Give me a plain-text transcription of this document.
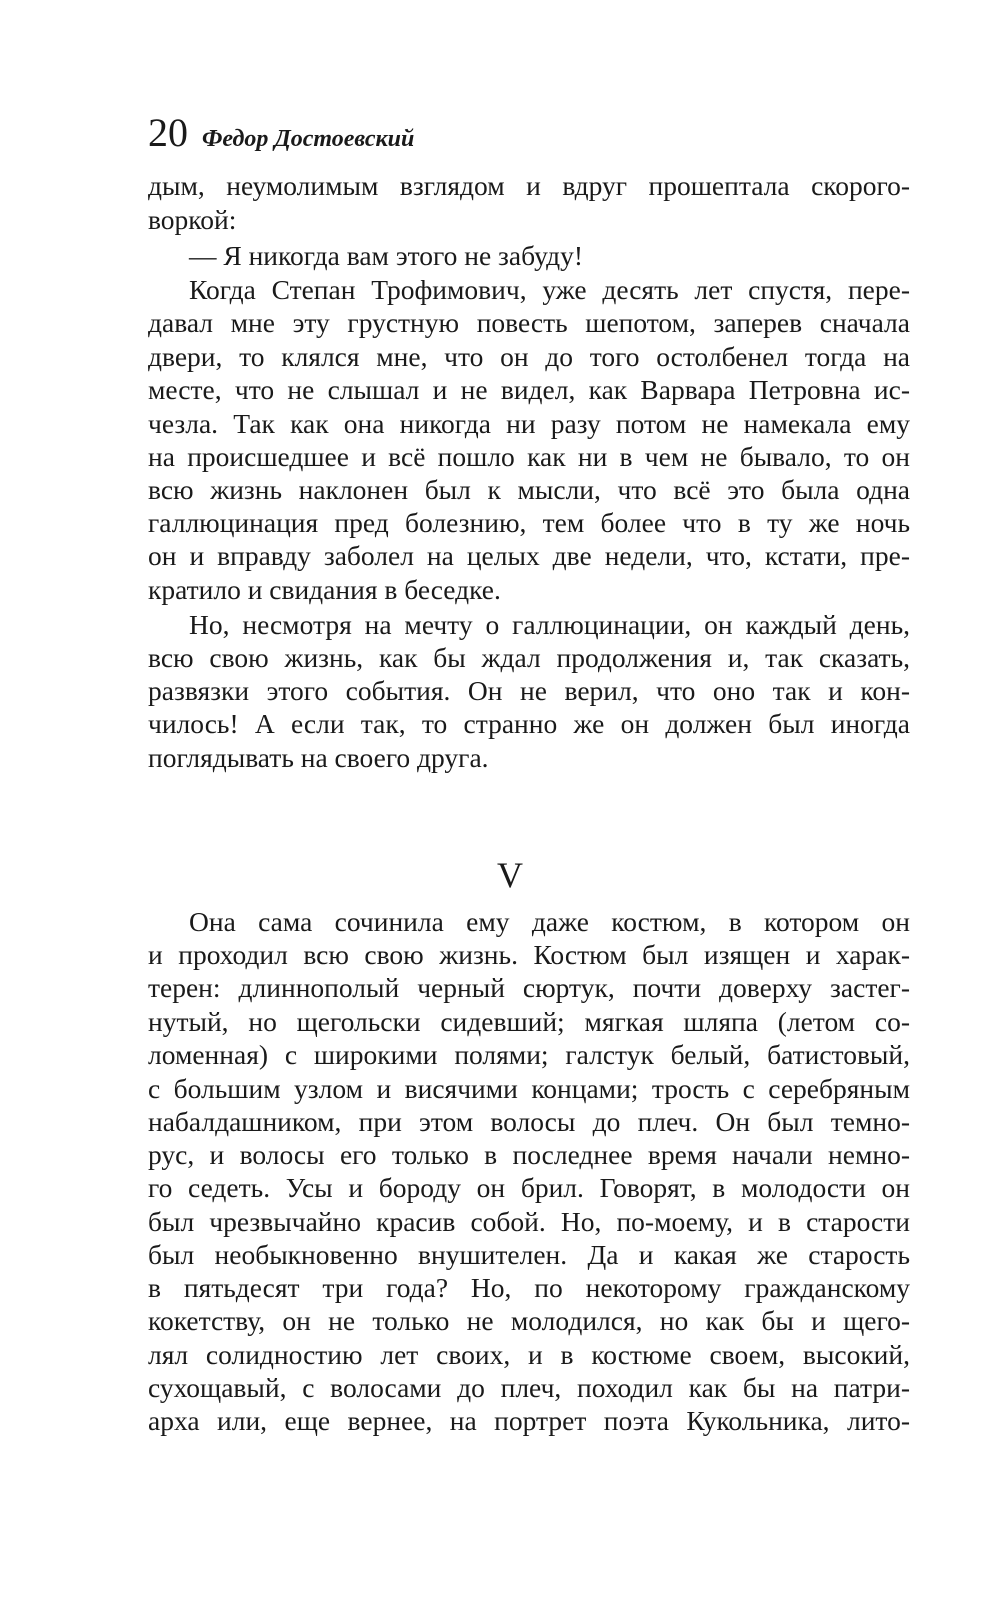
20 Федор Достоевский
дым, неумолимым взглядом и вдруг прошептала скорого-
воркой:
— Я никогда вам этого не забуду!
Когда Степан Трофимович, уже десять лет спустя, пере-
давал мне эту грустную повесть шепотом, заперев сначала
двери, то клялся мне, что он до того остолбенел тогда на
месте, что не слышал и не видел, как Варвара Петровна ис-
чезла. Так как она никогда ни разу потом не намекала ему
на происшедшее и всё пошло как ни в чем не бывало, то он
всю жизнь наклонен был к мысли, что всё это была одна
галлюцинация пред болезнию, тем более что в ту же ночь
он и вправду заболел на целых две недели, что, кстати, пре-
кратило и свидания в беседке.
Но, несмотря на мечту о галлюцинации, он каждый день,
всю свою жизнь, как бы ждал продолжения и, так сказать,
развязки этого события. Он не верил, что оно так и кон-
чилось! А если так, то странно же он должен был иногда
поглядывать на своего друга.
V
Она сама сочинила ему даже костюм, в котором он
и проходил всю свою жизнь. Костюм был изящен и харак-
терен: длиннополый черный сюртук, почти доверху застег-
нутый, но щегольски сидевший; мягкая шляпа (летом со-
ломенная) с широкими полями; галстук белый, батистовый,
с большим узлом и висячими концами; трость с серебряным
набалдашником, при этом волосы до плеч. Он был темно-
рус, и волосы его только в последнее время начали немно-
го седеть. Усы и бороду он брил. Говорят, в молодости он
был чрезвычайно красив собой. Но, по-моему, и в старости
был необыкновенно внушителен. Да и какая же старость
в пятьдесят три года? Но, по некоторому гражданскому
кокетству, он не только не молодился, но как бы и щего-
лял солидностию лет своих, и в костюме своем, высокий,
сухощавый, с волосами до плеч, походил как бы на патри-
арха или, еще вернее, на портрет поэта Кукольника, лито-
